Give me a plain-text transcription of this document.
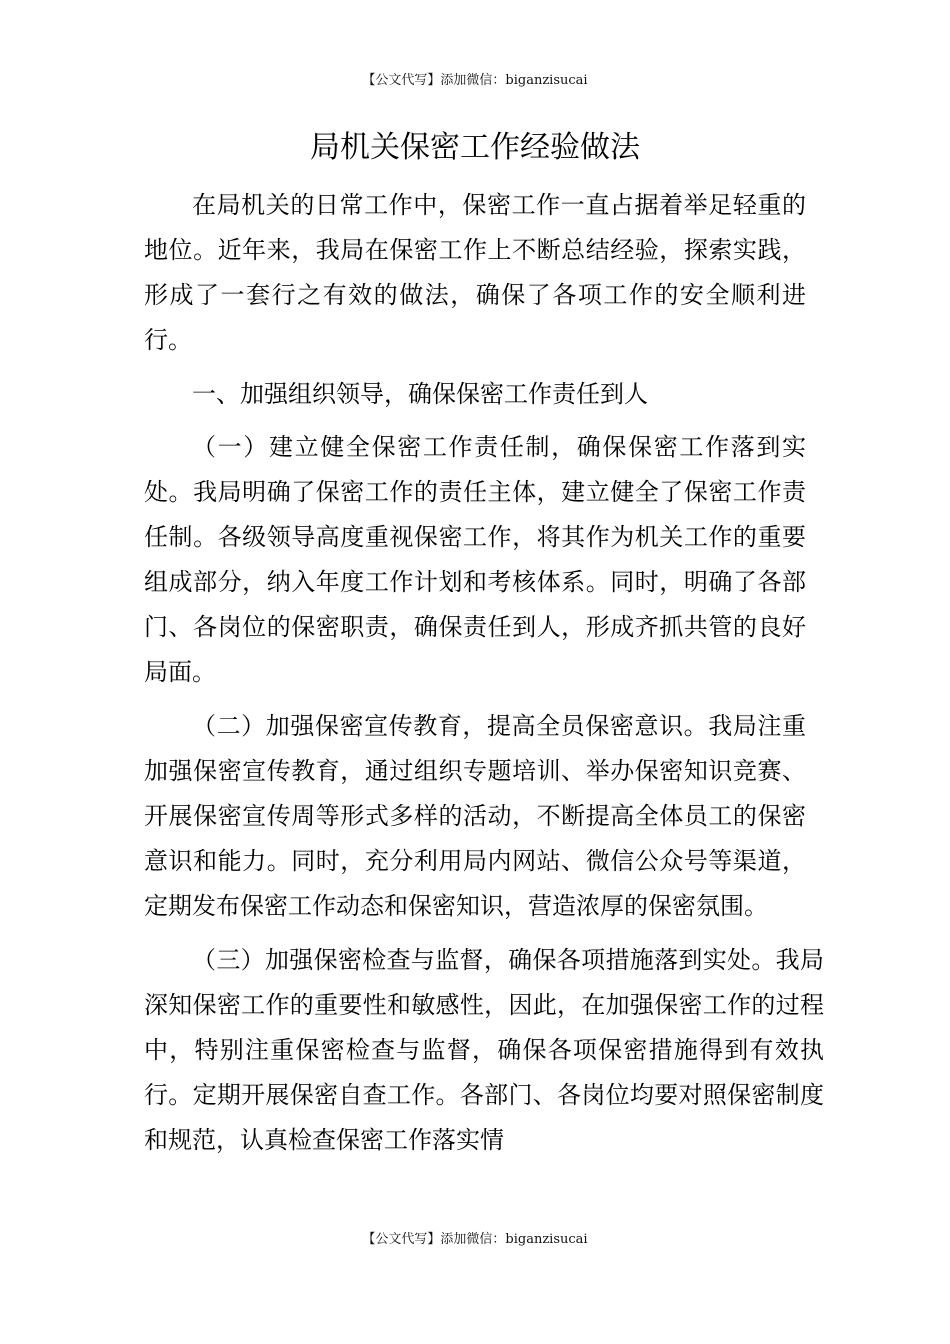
【公文代写】添加微信：biganzisucai
局机关保密工作经验做法

在局机关的日常工作中，保密工作一直占据着举足轻重的地位。近年来，我局在保密工作上不断总结经验，探索实践，形成了一套行之有效的做法，确保了各项工作的安全顺利进行。

一、加强组织领导，确保保密工作责任到人

（一）建立健全保密工作责任制，确保保密工作落到实处。我局明确了保密工作的责任主体，建立健全了保密工作责任制。各级领导高度重视保密工作，将其作为机关工作的重要组成部分，纳入年度工作计划和考核体系。同时，明确了各部门、各岗位的保密职责，确保责任到人，形成齐抓共管的良好局面。

（二）加强保密宣传教育，提高全员保密意识。我局注重加强保密宣传教育，通过组织专题培训、举办保密知识竞赛、开展保密宣传周等形式多样的活动，不断提高全体员工的保密意识和能力。同时，充分利用局内网站、微信公众号等渠道，定期发布保密工作动态和保密知识，营造浓厚的保密氛围。

（三）加强保密检查与监督，确保各项措施落到实处。我局深知保密工作的重要性和敏感性，因此，在加强保密工作的过程中，特别注重保密检查与监督，确保各项保密措施得到有效执行。定期开展保密自查工作。各部门、各岗位均要对照保密制度和规范，认真检查保密工作落实情

【公文代写】添加微信：biganzisucai
